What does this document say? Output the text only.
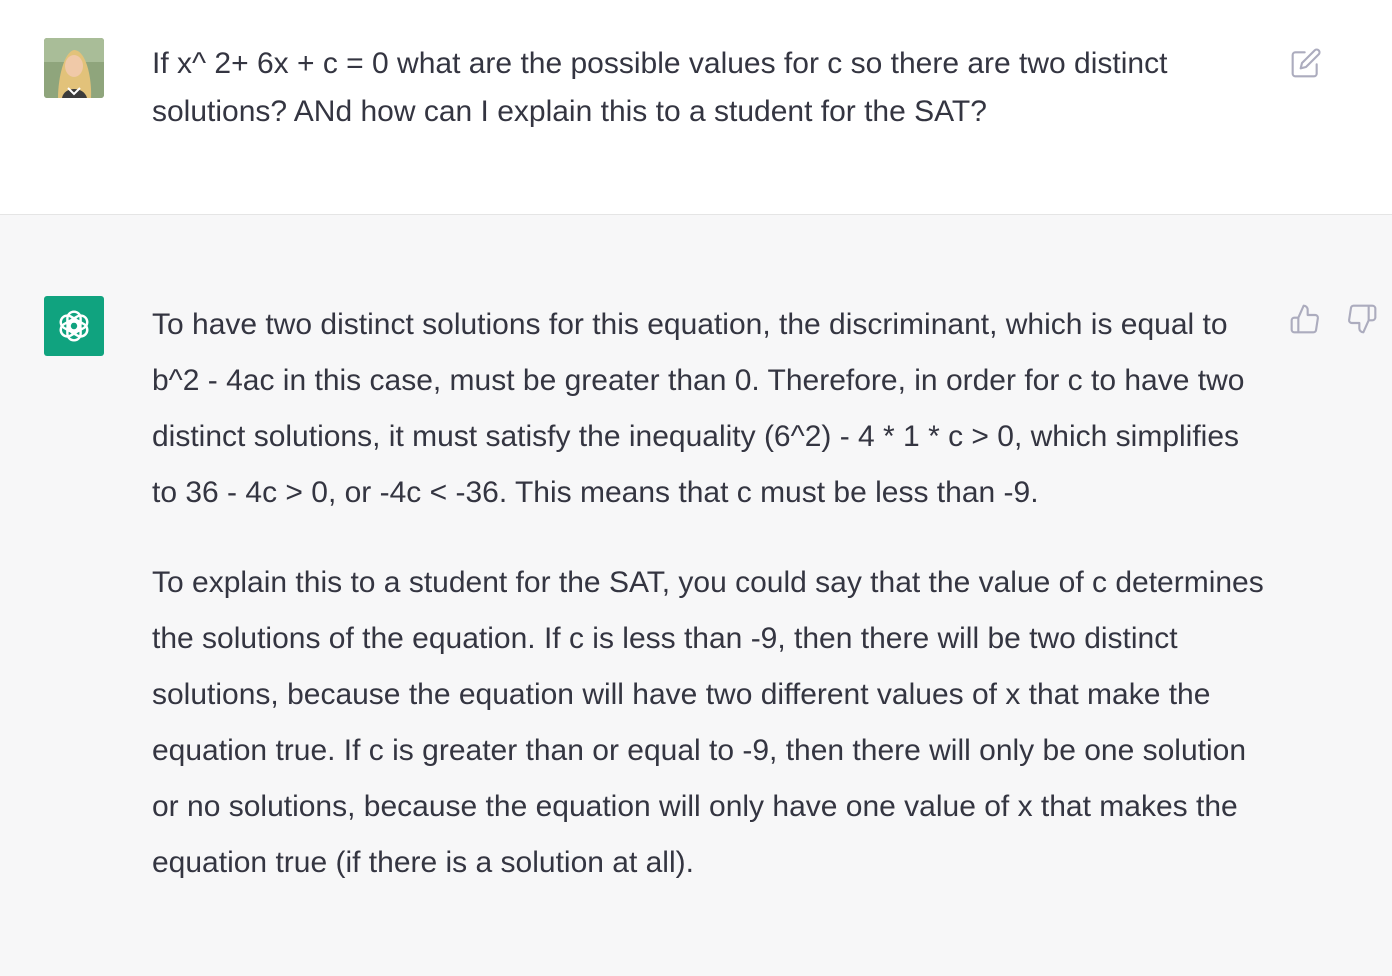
If x^ 2+ 6x + c = 0 what are the possible values for c so there are two distinct solutions? ANd how can I explain this to a student for the SAT?

To have two distinct solutions for this equation, the discriminant, which is equal to b^2 - 4ac in this case, must be greater than 0. Therefore, in order for c to have two distinct solutions, it must satisfy the inequality (6^2) - 4 * 1 * c > 0, which simplifies to 36 - 4c > 0, or -4c < -36. This means that c must be less than -9.

To explain this to a student for the SAT, you could say that the value of c determines the solutions of the equation. If c is less than -9, then there will be two distinct solutions, because the equation will have two different values of x that make the equation true. If c is greater than or equal to -9, then there will only be one solution or no solutions, because the equation will only have one value of x that makes the equation true (if there is a solution at all).
